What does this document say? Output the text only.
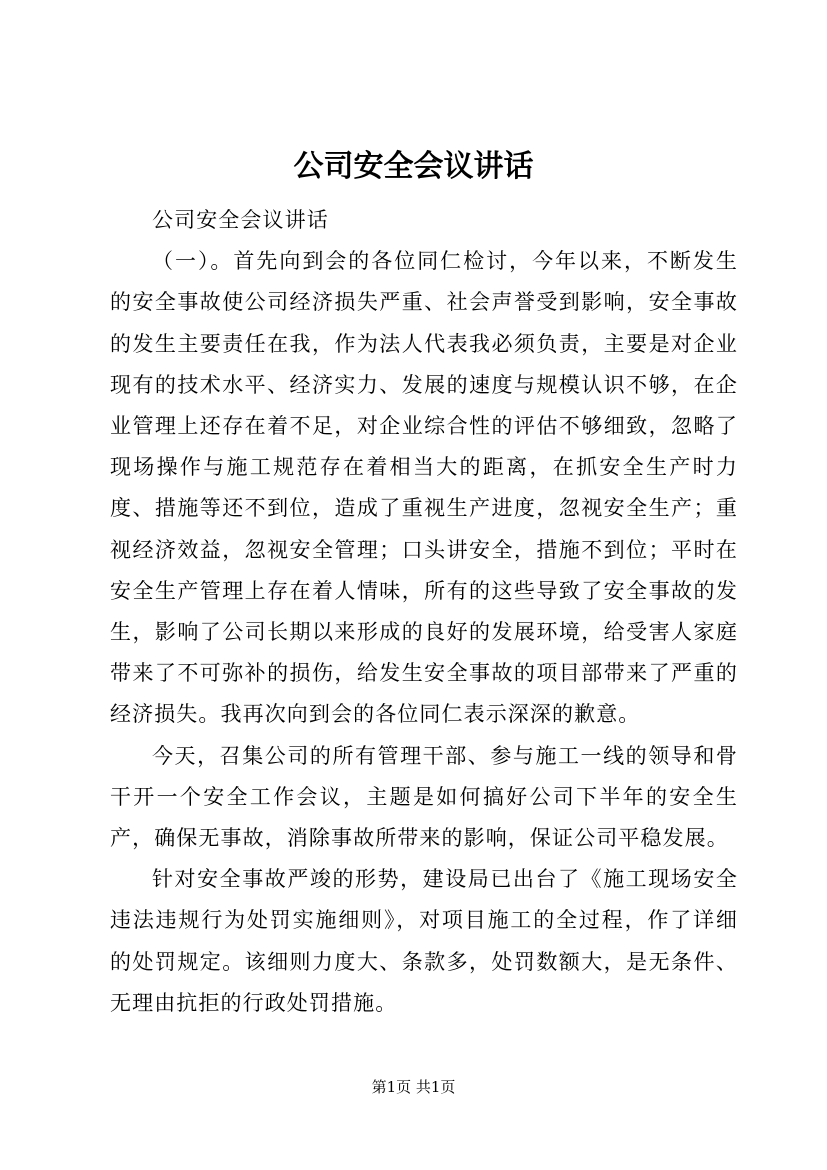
公司安全会议讲话

公司安全会议讲话

（一）。首先向到会的各位同仁检讨，今年以来，不断发生的安全事故使公司经济损失严重、社会声誉受到影响，安全事故的发生主要责任在我，作为法人代表我必须负责，主要是对企业现有的技术水平、经济实力、发展的速度与规模认识不够，在企业管理上还存在着不足，对企业综合性的评估不够细致，忽略了现场操作与施工规范存在着相当大的距离，在抓安全生产时力度、措施等还不到位，造成了重视生产进度，忽视安全生产；重视经济效益，忽视安全管理；口头讲安全，措施不到位；平时在安全生产管理上存在着人情味，所有的这些导致了安全事故的发生，影响了公司长期以来形成的良好的发展环境，给受害人家庭带来了不可弥补的损伤，给发生安全事故的项目部带来了严重的经济损失。我再次向到会的各位同仁表示深深的歉意。

今天，召集公司的所有管理干部、参与施工一线的领导和骨干开一个安全工作会议，主题是如何搞好公司下半年的安全生产，确保无事故，消除事故所带来的影响，保证公司平稳发展。

针对安全事故严竣的形势，建设局已出台了《施工现场安全违法违规行为处罚实施细则》，对项目施工的全过程，作了详细的处罚规定。该细则力度大、条款多，处罚数额大，是无条件、无理由抗拒的行政处罚措施。

第1页 共1页
